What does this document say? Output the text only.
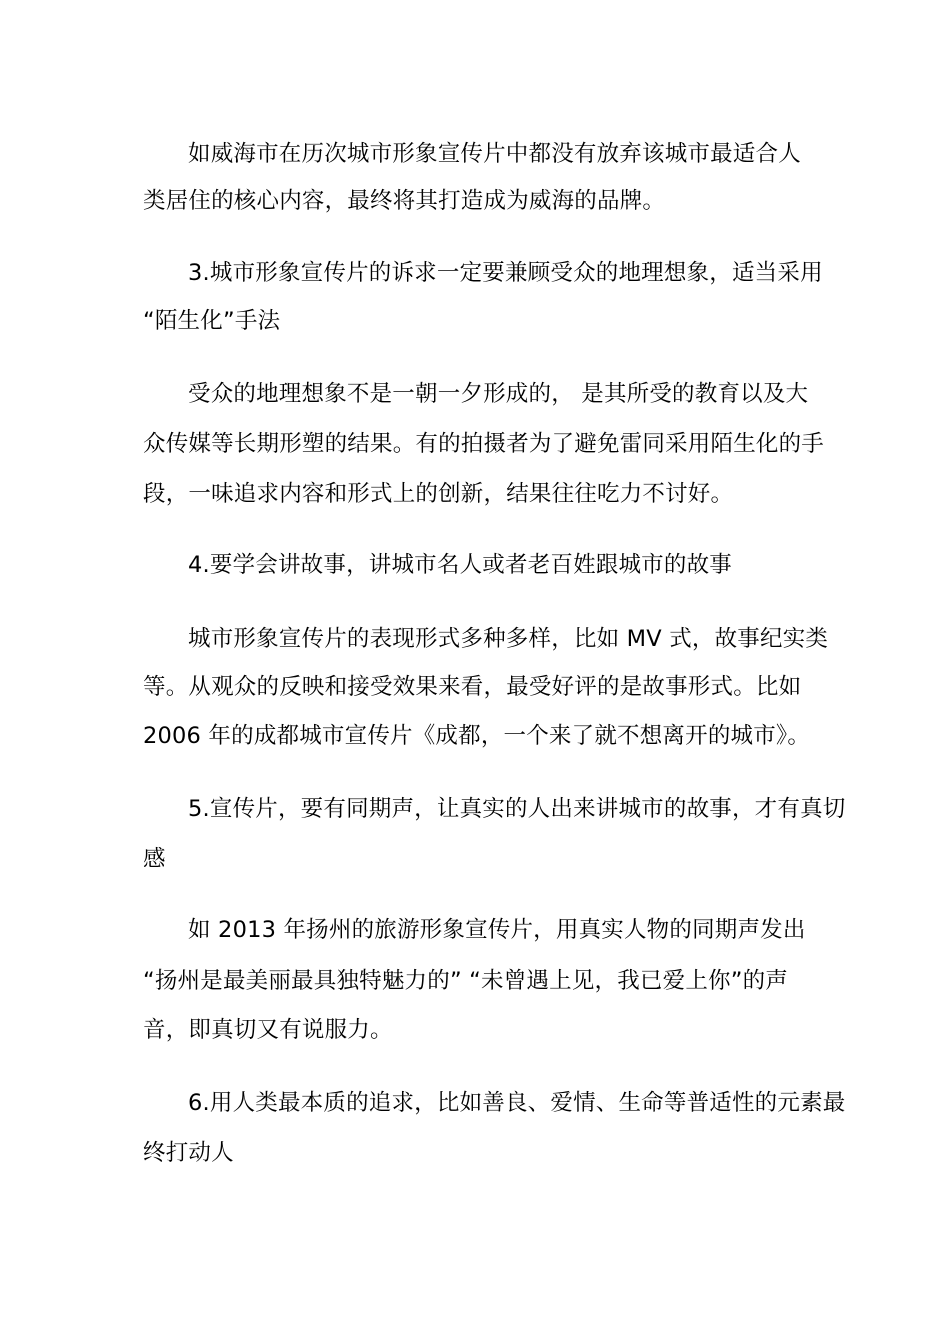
如威海市在历次城市形象宣传片中都没有放弃该城市最适合人
类居住的核心内容，最终将其打造成为威海的品牌。
3.城市形象宣传片的诉求一定要兼顾受众的地理想象，适当采用
“陌生化”手法
受众的地理想象不是一朝一夕形成的， 是其所受的教育以及大
众传媒等长期形塑的结果。有的拍摄者为了避免雷同采用陌生化的手
段，一味追求内容和形式上的创新，结果往往吃力不讨好。
4.要学会讲故事，讲城市名人或者老百姓跟城市的故事
城市形象宣传片的表现形式多种多样，比如 MV 式，故事纪实类
等。从观众的反映和接受效果来看，最受好评的是故事形式。比如
2006 年的成都城市宣传片《成都，一个来了就不想离开的城市》。
5.宣传片，要有同期声，让真实的人出来讲城市的故事，才有真切
感
如 2013 年扬州的旅游形象宣传片，用真实人物的同期声发出
“扬州是最美丽最具独特魅力的” “未曾遇上见，我已爱上你”的声
音，即真切又有说服力。
6.用人类最本质的追求，比如善良、爱情、生命等普适性的元素最
终打动人
